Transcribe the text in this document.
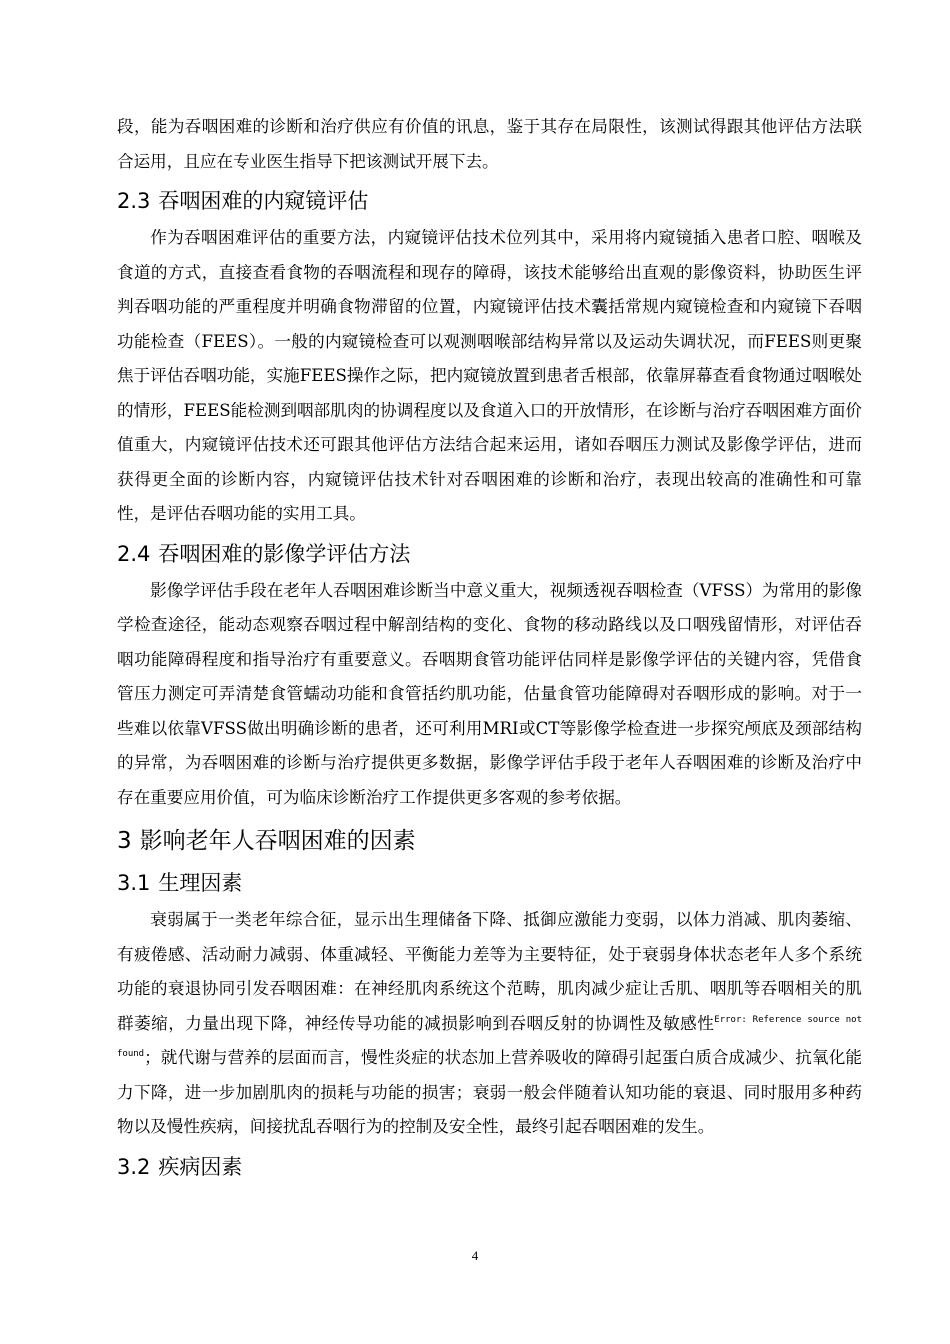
段，能为吞咽困难的诊断和治疗供应有价值的讯息，鉴于其存在局限性，该测试得跟其他评估方法联合运用，且应在专业医生指导下把该测试开展下去。

2.3 吞咽困难的内窥镜评估

作为吞咽困难评估的重要方法，内窥镜评估技术位列其中，采用将内窥镜插入患者口腔、咽喉及食道的方式，直接查看食物的吞咽流程和现存的障碍，该技术能够给出直观的影像资料，协助医生评判吞咽功能的严重程度并明确食物滞留的位置，内窥镜评估技术囊括常规内窥镜检查和内窥镜下吞咽功能检查（FEES）。一般的内窥镜检查可以观测咽喉部结构异常以及运动失调状况，而FEES则更聚焦于评估吞咽功能，实施FEES操作之际，把内窥镜放置到患者舌根部，依靠屏幕查看食物通过咽喉处的情形，FEES能检测到咽部肌肉的协调程度以及食道入口的开放情形，在诊断与治疗吞咽困难方面价值重大，内窥镜评估技术还可跟其他评估方法结合起来运用，诸如吞咽压力测试及影像学评估，进而获得更全面的诊断内容，内窥镜评估技术针对吞咽困难的诊断和治疗，表现出较高的准确性和可靠性，是评估吞咽功能的实用工具。

2.4 吞咽困难的影像学评估方法

影像学评估手段在老年人吞咽困难诊断当中意义重大，视频透视吞咽检查（VFSS）为常用的影像学检查途径，能动态观察吞咽过程中解剖结构的变化、食物的移动路线以及口咽残留情形，对评估吞咽功能障碍程度和指导治疗有重要意义。吞咽期食管功能评估同样是影像学评估的关键内容，凭借食管压力测定可弄清楚食管蠕动功能和食管括约肌功能，估量食管功能障碍对吞咽形成的影响。对于一些难以依靠VFSS做出明确诊断的患者，还可利用MRI或CT等影像学检查进一步探究颅底及颈部结构的异常，为吞咽困难的诊断与治疗提供更多数据，影像学评估手段于老年人吞咽困难的诊断及治疗中存在重要应用价值，可为临床诊断治疗工作提供更多客观的参考依据。

3 影响老年人吞咽困难的因素
3.1 生理因素

衰弱属于一类老年综合征，显示出生理储备下降、抵御应激能力变弱，以体力消减、肌肉萎缩、有疲倦感、活动耐力减弱、体重减轻、平衡能力差等为主要特征，处于衰弱身体状态老年人多个系统功能的衰退协同引发吞咽困难：在神经肌肉系统这个范畴，肌肉减少症让舌肌、咽肌等吞咽相关的肌群萎缩，力量出现下降，神经传导功能的减损影响到吞咽反射的协调性及敏感性$^{Error: Reference source not found}$；就代谢与营养的层面而言，慢性炎症的状态加上营养吸收的障碍引起蛋白质合成减少、抗氧化能力下降，进一步加剧肌肉的损耗与功能的损害；衰弱一般会伴随着认知功能的衰退、同时服用多种药物以及慢性疾病，间接扰乱吞咽行为的控制及安全性，最终引起吞咽困难的发生。

3.2 疾病因素
4
